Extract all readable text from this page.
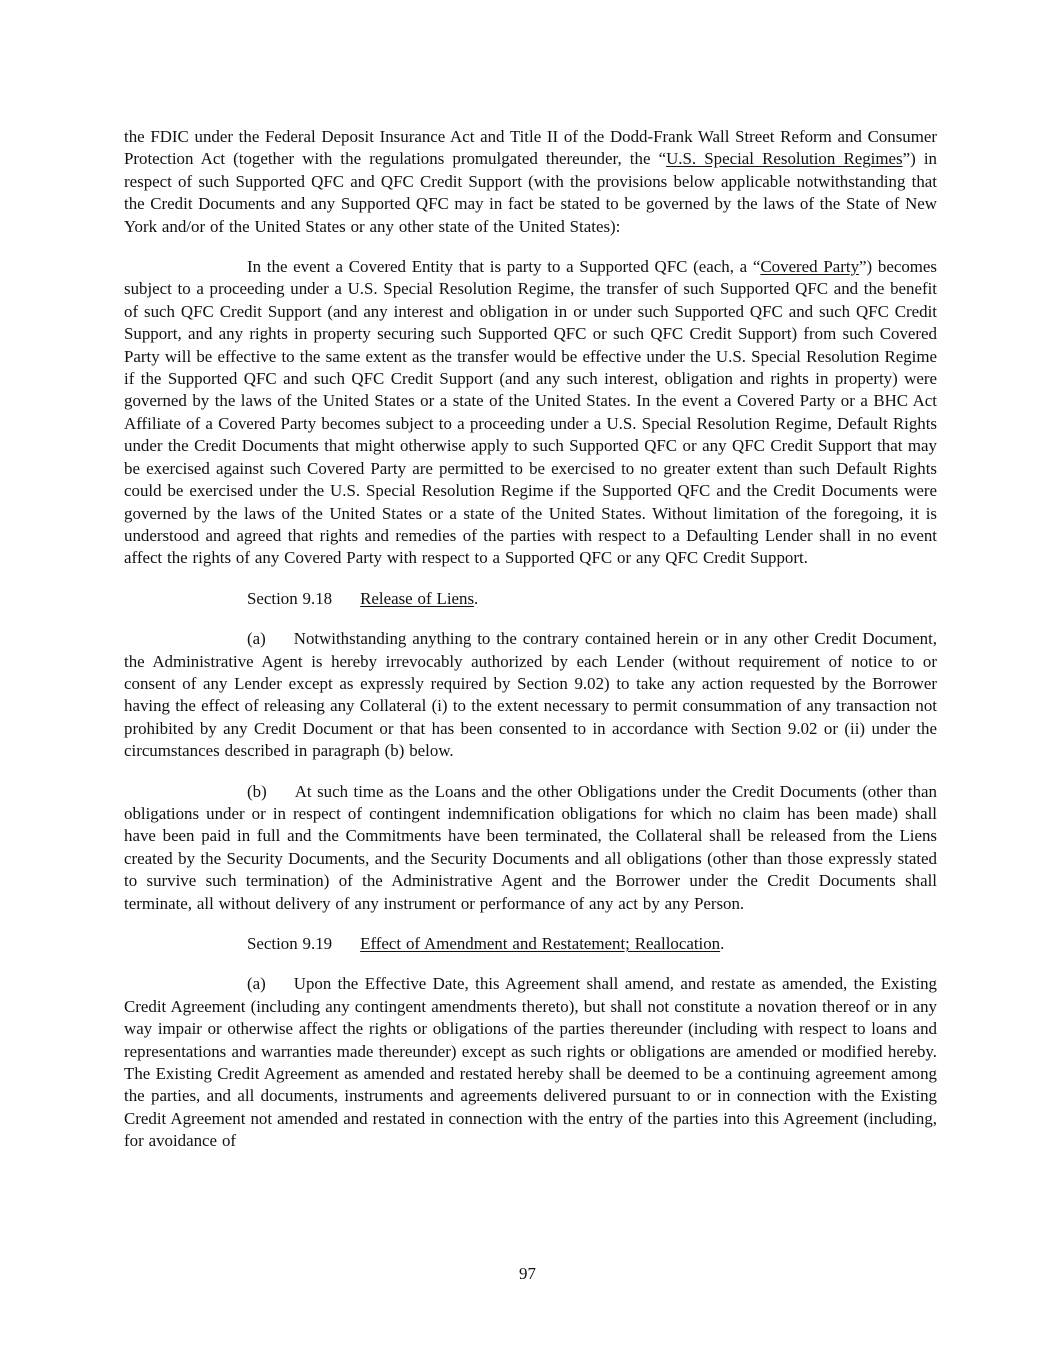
the FDIC under the Federal Deposit Insurance Act and Title II of the Dodd-Frank Wall Street Reform and Consumer Protection Act (together with the regulations promulgated thereunder, the “U.S. Special Resolution Regimes”) in respect of such Supported QFC and QFC Credit Support (with the provisions below applicable notwithstanding that the Credit Documents and any Supported QFC may in fact be stated to be governed by the laws of the State of New York and/or of the United States or any other state of the United States):

In the event a Covered Entity that is party to a Supported QFC (each, a “Covered Party”) becomes subject to a proceeding under a U.S. Special Resolution Regime, the transfer of such Supported QFC and the benefit of such QFC Credit Support (and any interest and obligation in or under such Supported QFC and such QFC Credit Support, and any rights in property securing such Supported QFC or such QFC Credit Support) from such Covered Party will be effective to the same extent as the transfer would be effective under the U.S. Special Resolution Regime if the Supported QFC and such QFC Credit Support (and any such interest, obligation and rights in property) were governed by the laws of the United States or a state of the United States. In the event a Covered Party or a BHC Act Affiliate of a Covered Party becomes subject to a proceeding under a U.S. Special Resolution Regime, Default Rights under the Credit Documents that might otherwise apply to such Supported QFC or any QFC Credit Support that may be exercised against such Covered Party are permitted to be exercised to no greater extent than such Default Rights could be exercised under the U.S. Special Resolution Regime if the Supported QFC and the Credit Documents were governed by the laws of the United States or a state of the United States. Without limitation of the foregoing, it is understood and agreed that rights and remedies of the parties with respect to a Defaulting Lender shall in no event affect the rights of any Covered Party with respect to a Supported QFC or any QFC Credit Support.

Section 9.18 Release of Liens.

(a) Notwithstanding anything to the contrary contained herein or in any other Credit Document, the Administrative Agent is hereby irrevocably authorized by each Lender (without requirement of notice to or consent of any Lender except as expressly required by Section 9.02) to take any action requested by the Borrower having the effect of releasing any Collateral (i) to the extent necessary to permit consummation of any transaction not prohibited by any Credit Document or that has been consented to in accordance with Section 9.02 or (ii) under the circumstances described in paragraph (b) below.

(b) At such time as the Loans and the other Obligations under the Credit Documents (other than obligations under or in respect of contingent indemnification obligations for which no claim has been made) shall have been paid in full and the Commitments have been terminated, the Collateral shall be released from the Liens created by the Security Documents, and the Security Documents and all obligations (other than those expressly stated to survive such termination) of the Administrative Agent and the Borrower under the Credit Documents shall terminate, all without delivery of any instrument or performance of any act by any Person.

Section 9.19 Effect of Amendment and Restatement; Reallocation.

(a) Upon the Effective Date, this Agreement shall amend, and restate as amended, the Existing Credit Agreement (including any contingent amendments thereto), but shall not constitute a novation thereof or in any way impair or otherwise affect the rights or obligations of the parties thereunder (including with respect to loans and representations and warranties made thereunder) except as such rights or obligations are amended or modified hereby. The Existing Credit Agreement as amended and restated hereby shall be deemed to be a continuing agreement among the parties, and all documents, instruments and agreements delivered pursuant to or in connection with the Existing Credit Agreement not amended and restated in connection with the entry of the parties into this Agreement (including, for avoidance of

97
